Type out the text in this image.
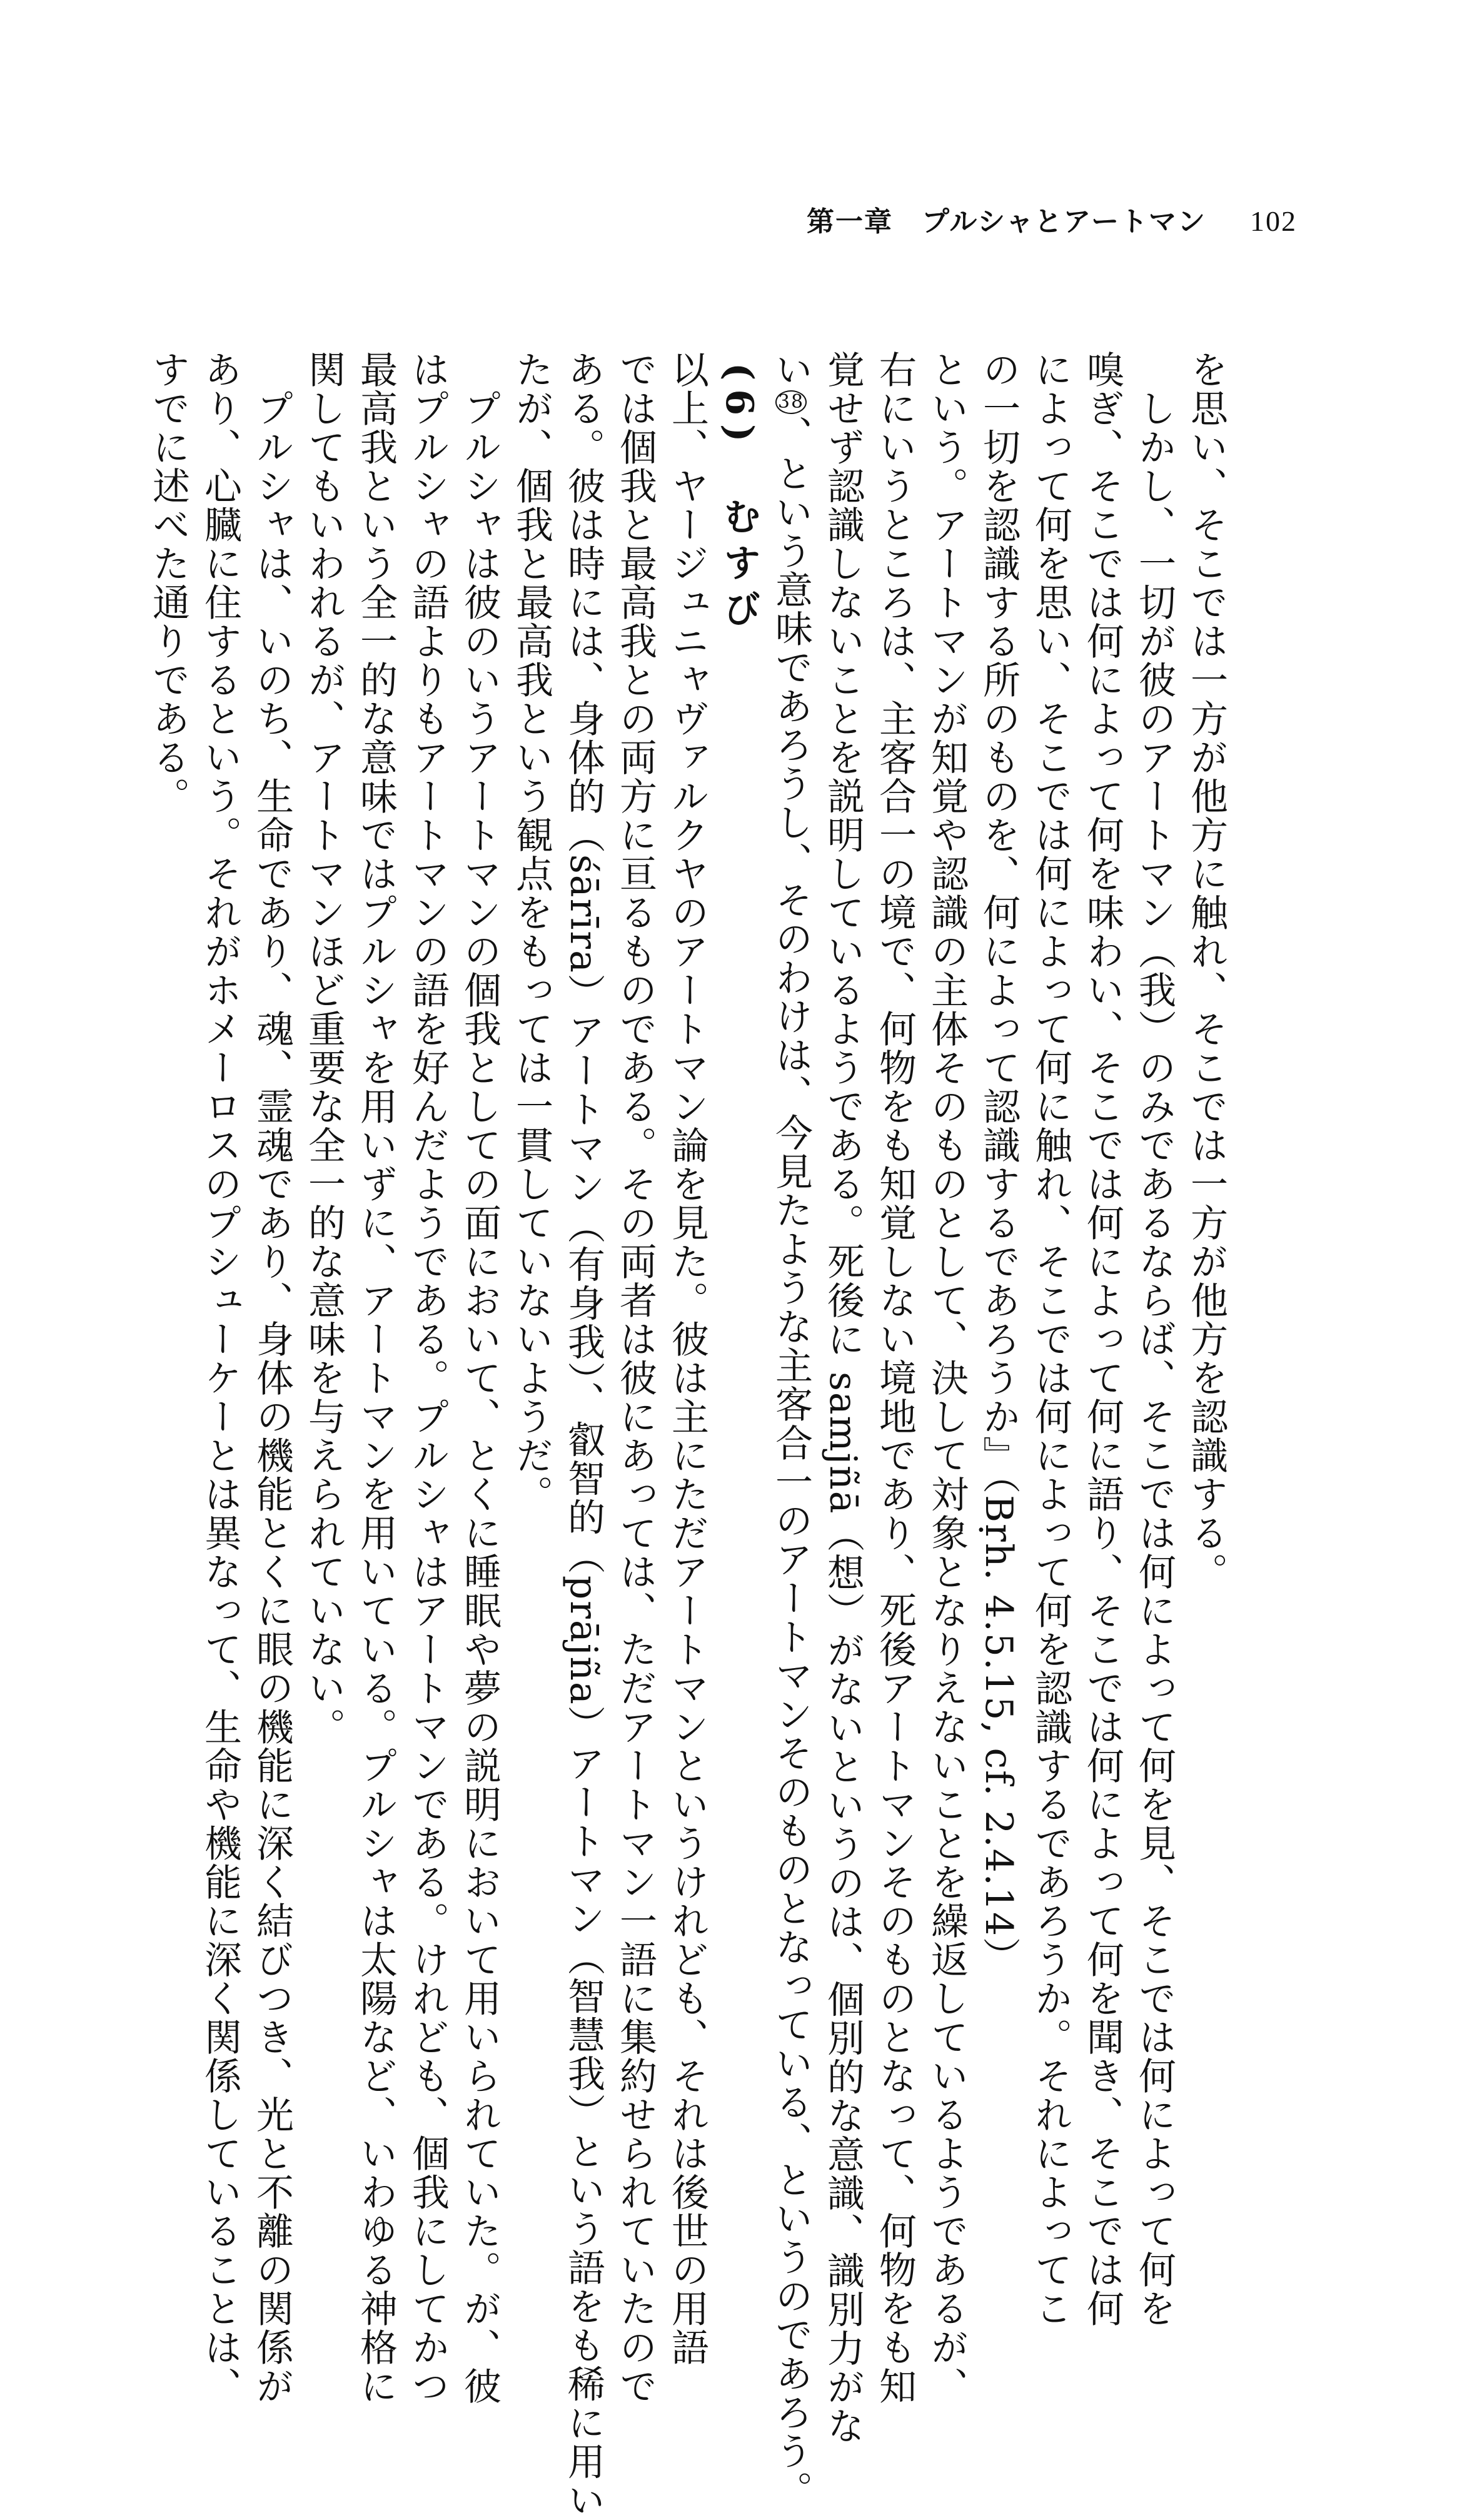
第一章　プルシャとアートマン 102
を思い、そこでは一方が他方に触れ、そこでは一方が他方を認識する。
しかし、一切が彼のアートマン（我）のみであるならば、そこでは何によって何を見、そこでは何によって何を
嗅ぎ、そこでは何によって何を味わい、そこでは何によって何に語り、そこでは何によって何を聞き、そこでは何
によって何を思い、そこでは何によって何に触れ、そこでは何によって何を認識するであろうか。それによってこ
の一切を認識する所のものを、何によって認識するであろうか』（Bṛh. 4.5.15, cf. 2.4.14）
という。アートマンが知覚や認識の主体そのものとして、決して対象となりえないことを繰返しているようであるが、
右にいうところは、主客合一の境で、何物をも知覚しない境地であり、死後アートマンそのものとなって、何物をも知
覚せず認識しないことを説明しているようである。死後に samjñā（想）がないというのは、個別的な意識、識別力がな
い38、という意味であろうし、そのわけは、今見たような主客合一のアートマンそのものとなっている、というのであろう。
(6)　むすび
以上、ヤージュニャヴァルクヤのアートマン論を見た。彼は主にただアートマンというけれども、それは後世の用語
では個我と最高我との両方に亘るものである。その両者は彼にあっては、ただアートマン一語に集約せられていたので
ある。彼は時には、身体的（śārīra）アートマン（有身我）、叡智的（prājña）アートマン（智慧我）という語をも稀に用い
たが、個我と最高我という観点をもっては一貫していないようだ。
プルシャは彼のいうアートマンの個我としての面において、とくに睡眠や夢の説明において用いられていた。が、彼
はプルシャの語よりもアートマンの語を好んだようである。プルシャはアートマンである。けれども、個我にしてかつ
最高我という全一的な意味ではプルシャを用いずに、アートマンを用いている。プルシャは太陽など、いわゆる神格に
関してもいわれるが、アートマンほど重要な全一的な意味を与えられていない。
プルシャは、いのち、生命であり、魂、霊魂であり、身体の機能とくに眼の機能に深く結びつき、光と不離の関係が
あり、心臓に住するという。それがホメーロスのプシューケーとは異なって、生命や機能に深く関係していることは、
すでに述べた通りである。
